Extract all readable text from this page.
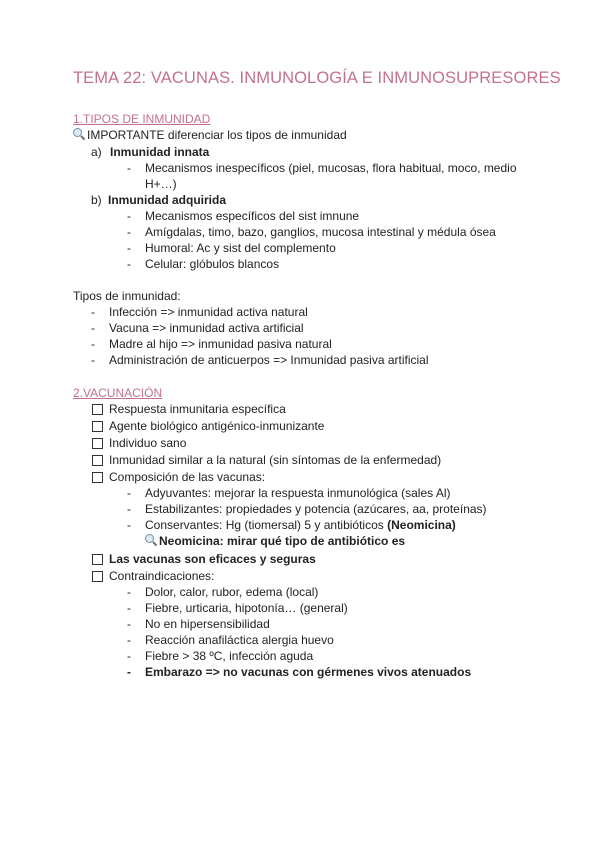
TEMA 22: VACUNAS. INMUNOLOGÍA E INMUNOSUPRESORES
1.TIPOS DE INMUNIDAD
IMPORTANTE diferenciar los tipos de inmunidad
a) Inmunidad innata
- Mecanismos inespecíficos (piel, mucosas, flora habitual, moco, medio
H+…)
b) Inmunidad adquirida
- Mecanismos específicos del sist imnune
- Amígdalas, timo, bazo, ganglios, mucosa intestinal y médula ósea
- Humoral: Ac y sist del complemento
- Celular: glóbulos blancos
Tipos de inmunidad:
- Infección => inmunidad activa natural
- Vacuna => inmunidad activa artificial
- Madre al hijo => inmunidad pasiva natural
- Administración de anticuerpos => Inmunidad pasiva artificial
2.VACUNACIÓN
Respuesta inmunitaria específica
Agente biológico antigénico-inmunizante
Individuo sano
Inmunidad similar a la natural (sin síntomas de la enfermedad)
Composición de las vacunas:
- Adyuvantes: mejorar la respuesta inmunológica (sales Al)
- Estabilizantes: propiedades y potencia (azúcares, aa, proteínas)
- Conservantes: Hg (tiomersal) 5 y antibióticos (Neomicina)
Neomicina: mirar qué tipo de antibiótico es
Las vacunas son eficaces y seguras
Contraindicaciones:
- Dolor, calor, rubor, edema (local)
- Fiebre, urticaria, hipotonía… (general)
- No en hipersensibilidad
- Reacción anafiláctica alergia huevo
- Fiebre > 38 ºC, infección aguda
- Embarazo => no vacunas con gérmenes vivos atenuados
